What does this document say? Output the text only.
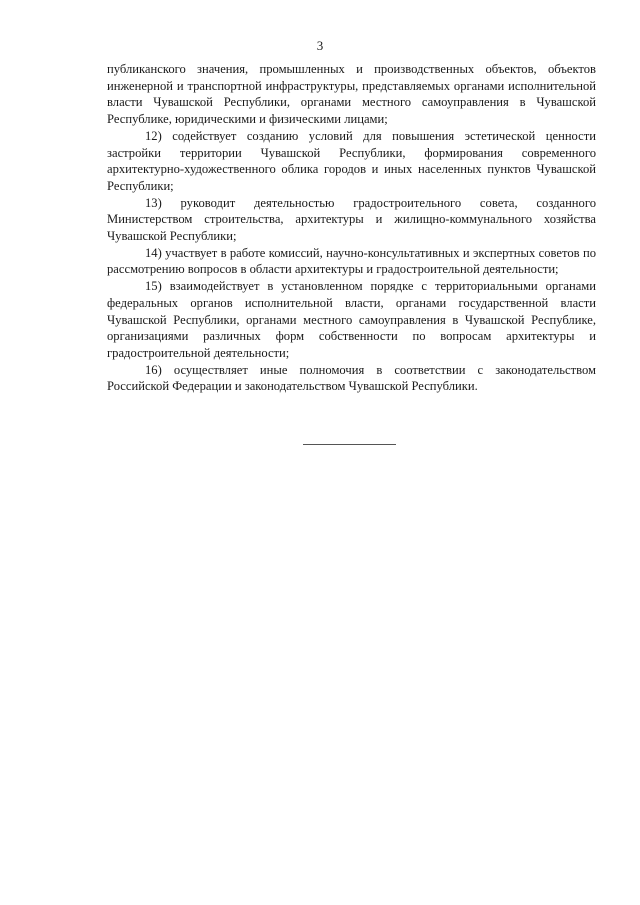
3

публиканского значения, промышленных и производственных объектов, объектов инженерной и транспортной инфраструктуры, представляемых органами исполнительной власти Чувашской Республики, органами местного самоуправления в Чувашской Республике, юридическими и физическими лицами;

12) содействует созданию условий для повышения эстетической ценности застройки территории Чувашской Республики, формирования современного архитектурно-художественного облика городов и иных населенных пунктов Чувашской Республики;

13) руководит деятельностью градостроительного совета, созданного Министерством строительства, архитектуры и жилищно-коммунального хозяйства Чувашской Республики;

14) участвует в работе комиссий, научно-консультативных и экспертных советов по рассмотрению вопросов в области архитектуры и градостроительной деятельности;

15) взаимодействует в установленном порядке с территориальными органами федеральных органов исполнительной власти, органами государственной власти Чувашской Республики, органами местного самоуправления в Чувашской Республике, организациями различных форм собственности по вопросам архитектуры и градостроительной деятельности;

16) осуществляет иные полномочия в соответствии с законодательством Российской Федерации и законодательством Чувашской Республики.
